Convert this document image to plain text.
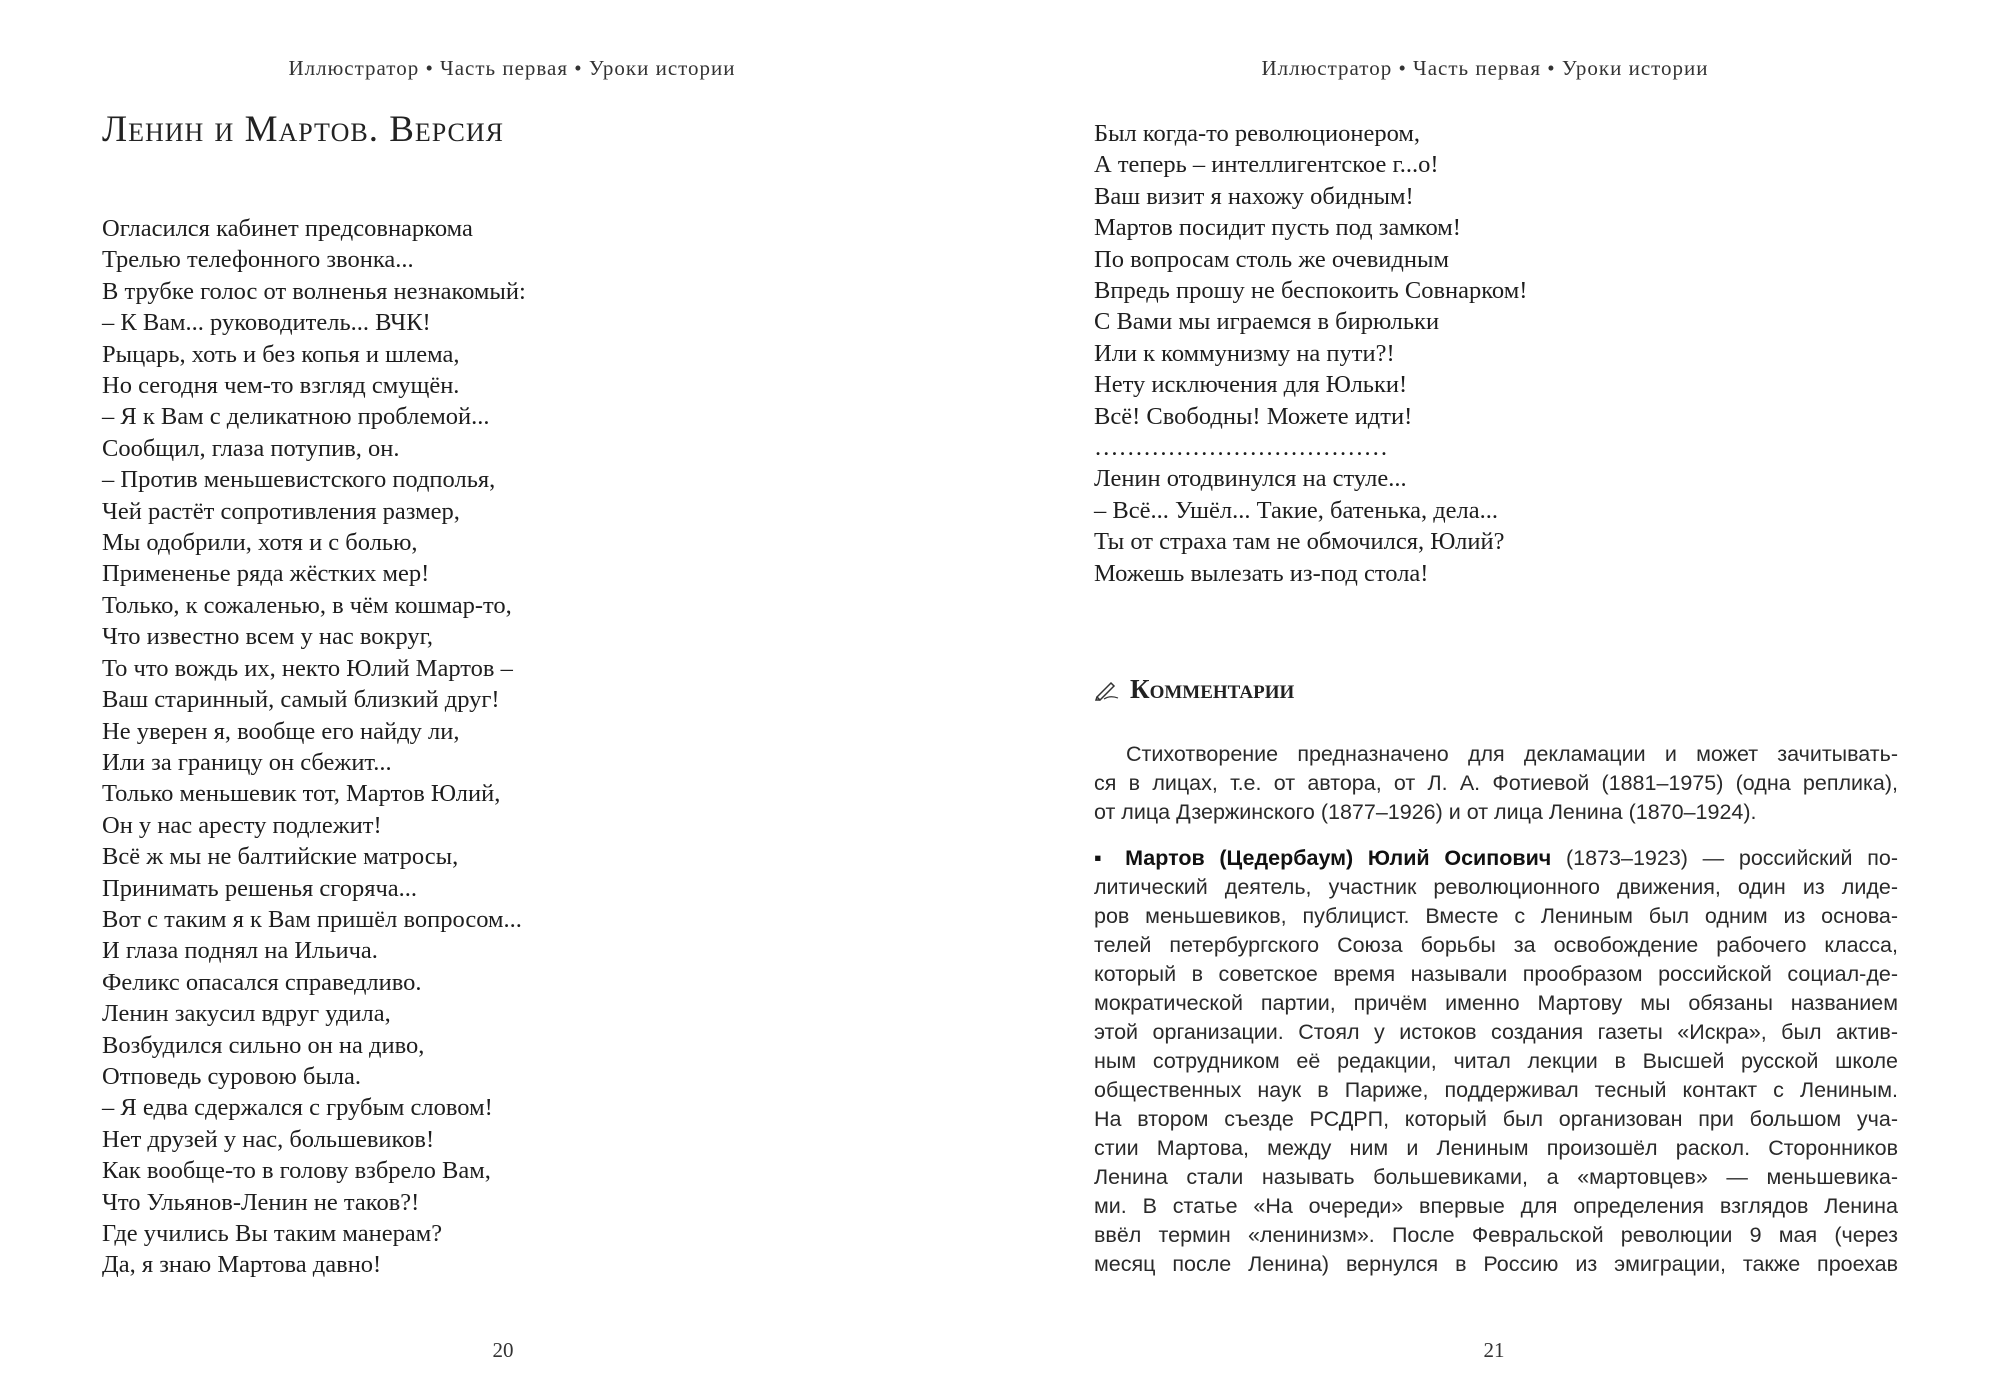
Иллюстратор • Часть первая • Уроки истории
Ленин и Мартов. Версия
Огласился кабинет предсовнаркома
Трелью телефонного звонка...
В трубке голос от волненья незнакомый:
– К Вам... руководитель... ВЧК!
Рыцарь, хоть и без копья и шлема,
Но сегодня чем-то взгляд смущён.
– Я к Вам с деликатною проблемой...
Сообщил, глаза потупив, он.
– Против меньшевистского подполья,
Чей растёт сопротивления размер,
Мы одобрили, хотя и с болью,
Примененье ряда жёстких мер!
Только, к сожаленью, в чём кошмар-то,
Что известно всем у нас вокруг,
То что вождь их, некто Юлий Мартов –
Ваш старинный, самый близкий друг!
Не уверен я, вообще его найду ли,
Или за границу он сбежит...
Только меньшевик тот, Мартов Юлий,
Он у нас аресту подлежит!
Всё ж мы не балтийские матросы,
Принимать решенья сгоряча...
Вот с таким я к Вам пришёл вопросом...
И глаза поднял на Ильича.
Феликс опасался справедливо.
Ленин закусил вдруг удила,
Возбудился сильно он на диво,
Отповедь суровою была.
– Я едва сдержался с грубым словом!
Нет друзей у нас, большевиков!
Как вообще-то в голову взбрело Вам,
Что Ульянов-Ленин не таков?!
Где учились Вы таким манерам?
Да, я знаю Мартова давно!
20
Иллюстратор • Часть первая • Уроки истории
Был когда-то революционером,
А теперь – интеллигентское г...о!
Ваш визит я нахожу обидным!
Мартов посидит пусть под замком!
По вопросам столь же очевидным
Впредь прошу не беспокоить Совнарком!
С Вами мы играемся в бирюльки
Или к коммунизму на пути?!
Нету исключения для Юльки!
Всё! Свободны! Можете идти!
………………………………
Ленин отодвинулся на стуле...
– Всё... Ушёл... Такие, батенька, дела...
Ты от страха там не обмочился, Юлий?
Можешь вылезать из-под стола!
Комментарии
Стихотворение предназначено для декламации и может зачитывать-
ся в лицах, т.е. от автора, от Л. А. Фотиевой (1881–1975) (одна реплика),
от лица Дзержинского (1877–1926) и от лица Ленина (1870–1924).
▪ Мартов (Цедербаум) Юлий Осипович (1873–1923) — российский по-
литический деятель, участник революционного движения, один из лиде-
ров меньшевиков, публицист. Вместе с Лениным был одним из основа-
телей петербургского Союза борьбы за освобождение рабочего класса,
который в советское время называли прообразом российской социал-де-
мократической партии, причём именно Мартову мы обязаны названием
этой организации. Стоял у истоков создания газеты «Искра», был актив-
ным сотрудником её редакции, читал лекции в Высшей русской школе
общественных наук в Париже, поддерживал тесный контакт с Лениным.
На втором съезде РСДРП, который был организован при большом уча-
стии Мартова, между ним и Лениным произошёл раскол. Сторонников
Ленина стали называть большевиками, а «мартовцев» — меньшевика-
ми. В статье «На очереди» впервые для определения взглядов Ленина
ввёл термин «ленинизм». После Февральской революции 9 мая (через
месяц после Ленина) вернулся в Россию из эмиграции, также проехав
21
